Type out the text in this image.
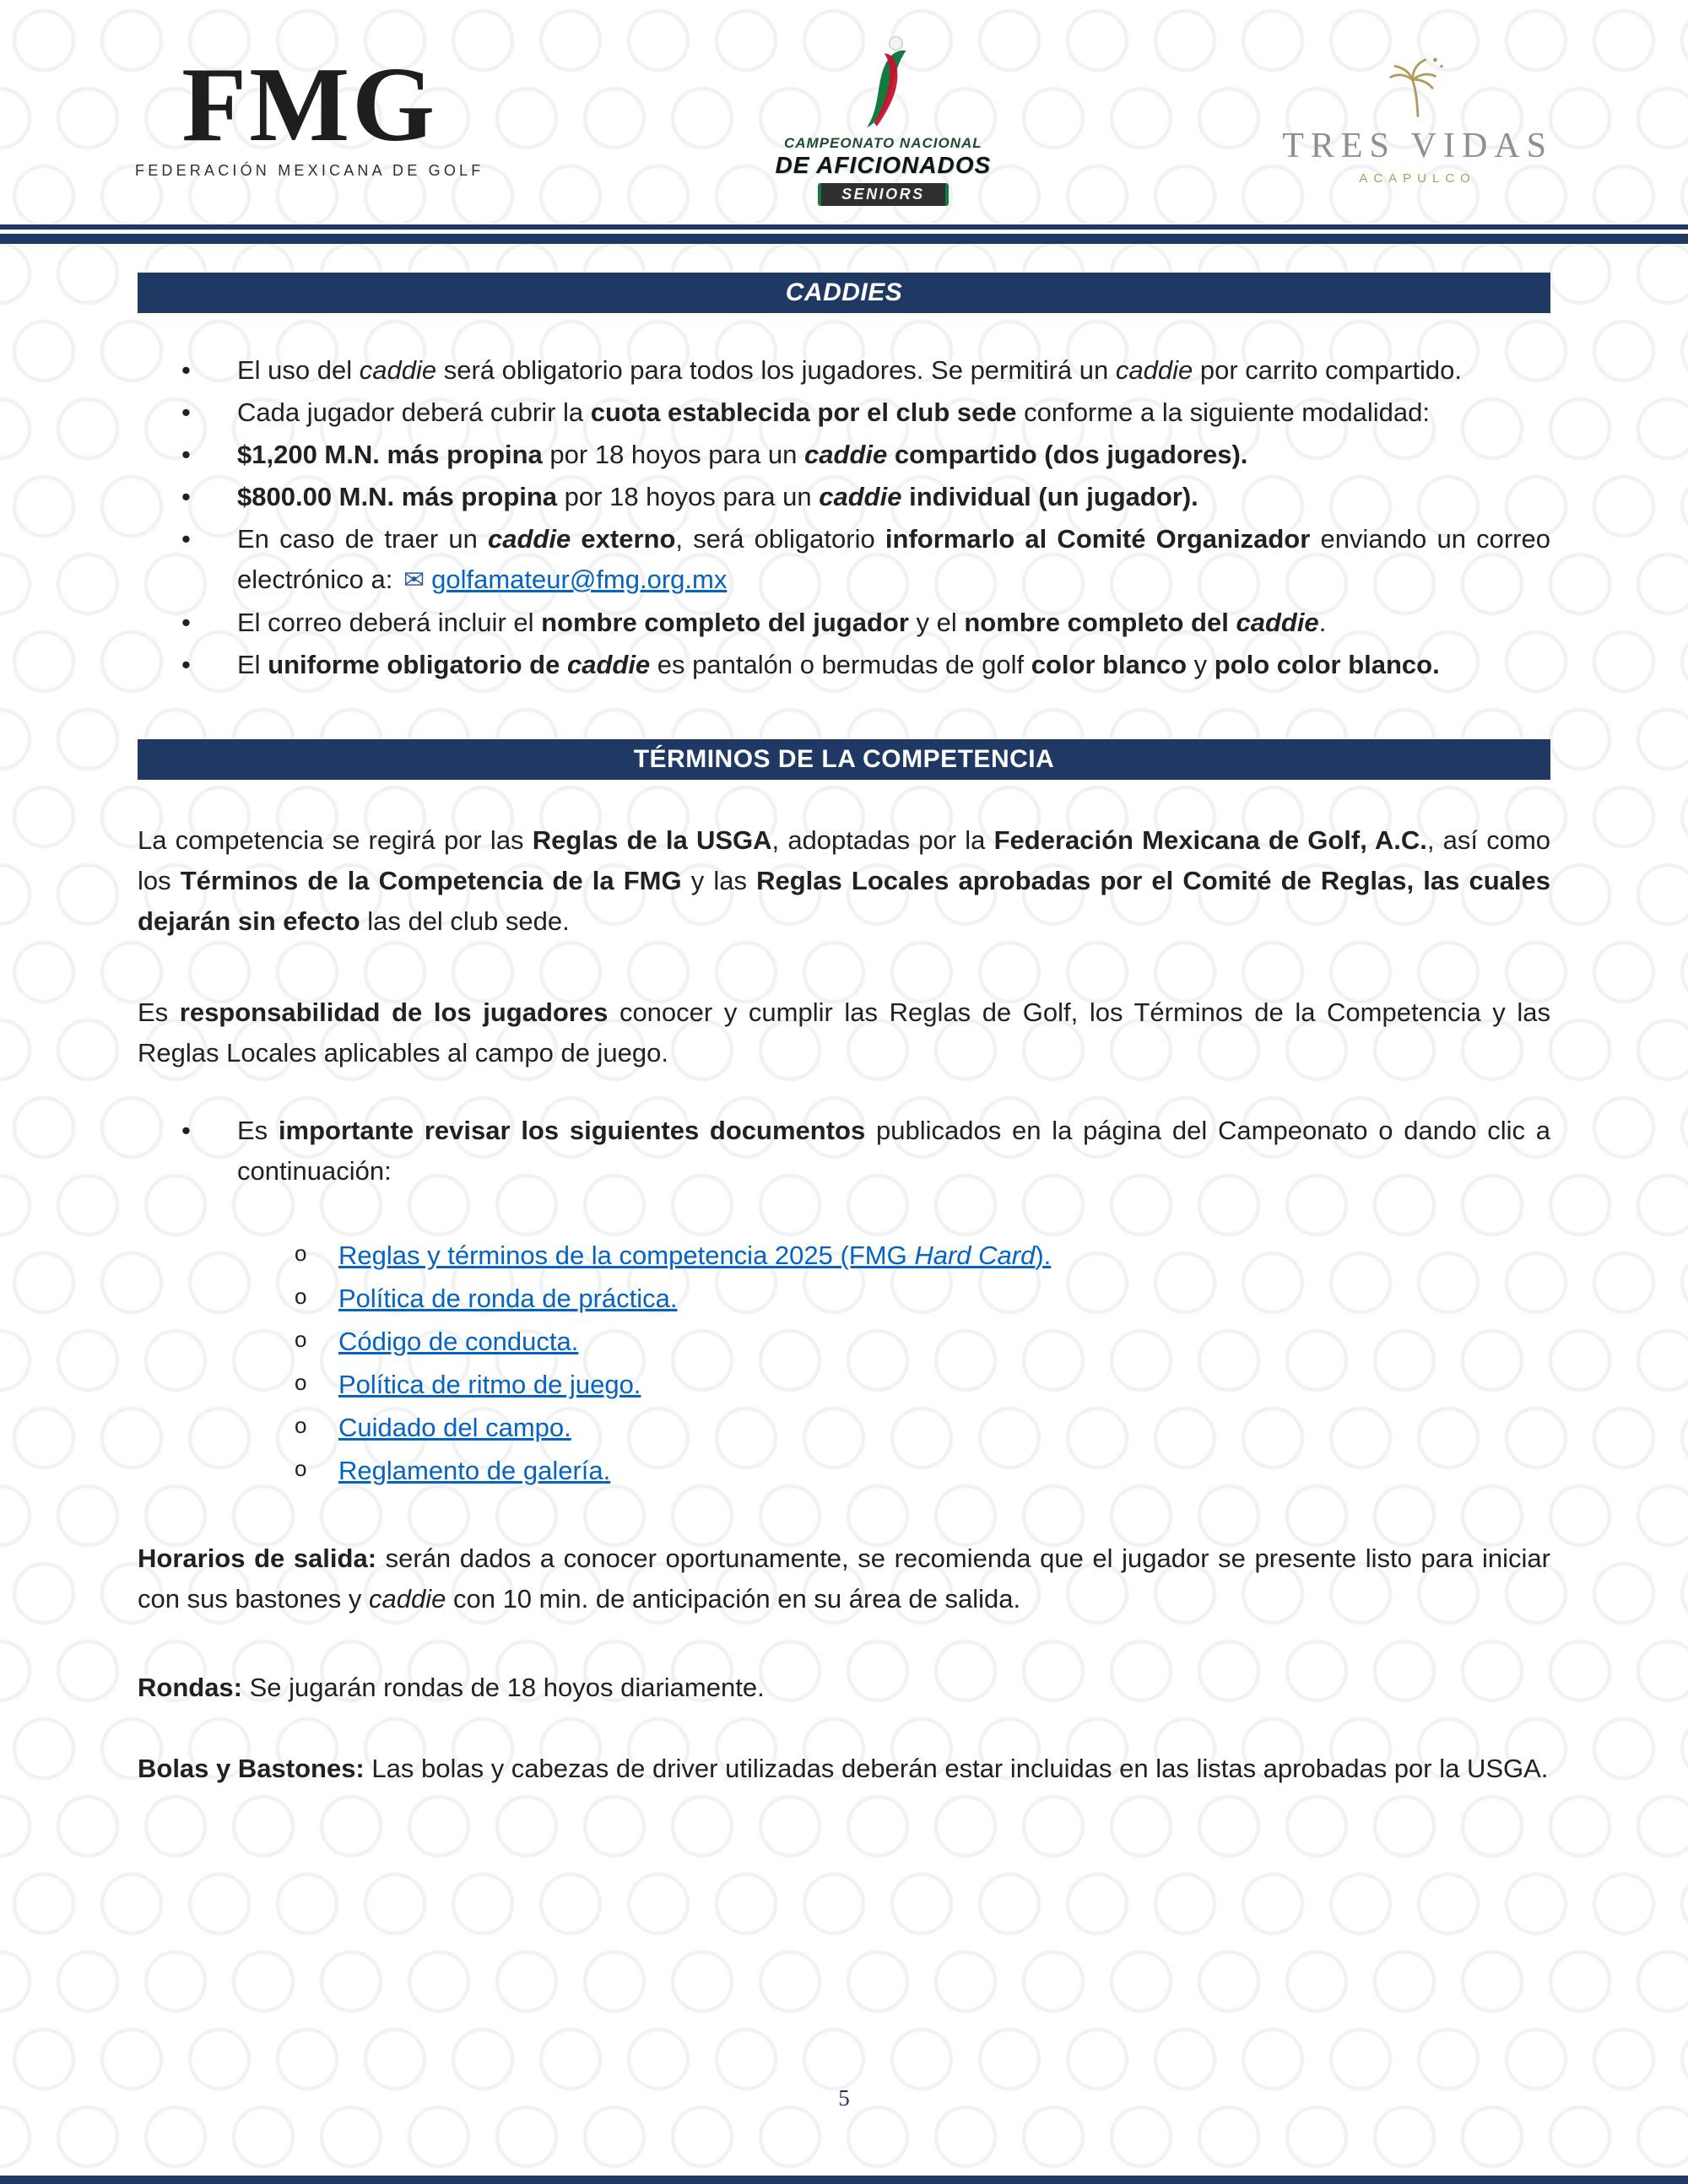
FMG
FEDERACIÓN MEXICANA DE GOLF
CAMPEONATO NACIONAL
DE AFICIONADOS
SENIORS
TRES VIDAS
ACAPULCO
CADDIES
• El uso del caddie será obligatorio para todos los jugadores. Se permitirá un caddie por carrito compartido.
• Cada jugador deberá cubrir la cuota establecida por el club sede conforme a la siguiente modalidad:
• $1,200 M.N. más propina por 18 hoyos para un caddie compartido (dos jugadores).
• $800.00 M.N. más propina por 18 hoyos para un caddie individual (un jugador).
• En caso de traer un caddie externo, será obligatorio informarlo al Comité Organizador enviando un correo electrónico a: ✉ golfamateur@fmg.org.mx
• El correo deberá incluir el nombre completo del jugador y el nombre completo del caddie.
• El uniforme obligatorio de caddie es pantalón o bermudas de golf color blanco y polo color blanco.
TÉRMINOS DE LA COMPETENCIA

La competencia se regirá por las Reglas de la USGA, adoptadas por la Federación Mexicana de Golf, A.C., así como los Términos de la Competencia de la FMG y las Reglas Locales aprobadas por el Comité de Reglas, las cuales dejarán sin efecto las del club sede.

Es responsabilidad de los jugadores conocer y cumplir las Reglas de Golf, los Términos de la Competencia y las Reglas Locales aplicables al campo de juego.

• Es importante revisar los siguientes documentos publicados en la página del Campeonato o dando clic a continuación:
o Reglas y términos de la competencia 2025 (FMG Hard Card).
o Política de ronda de práctica.
o Código de conducta.
o Política de ritmo de juego.
o Cuidado del campo.
o Reglamento de galería.

Horarios de salida: serán dados a conocer oportunamente, se recomienda que el jugador se presente listo para iniciar con sus bastones y caddie con 10 min. de anticipación en su área de salida.

Rondas: Se jugarán rondas de 18 hoyos diariamente.

Bolas y Bastones: Las bolas y cabezas de driver utilizadas deberán estar incluidas en las listas aprobadas por la USGA.

5
